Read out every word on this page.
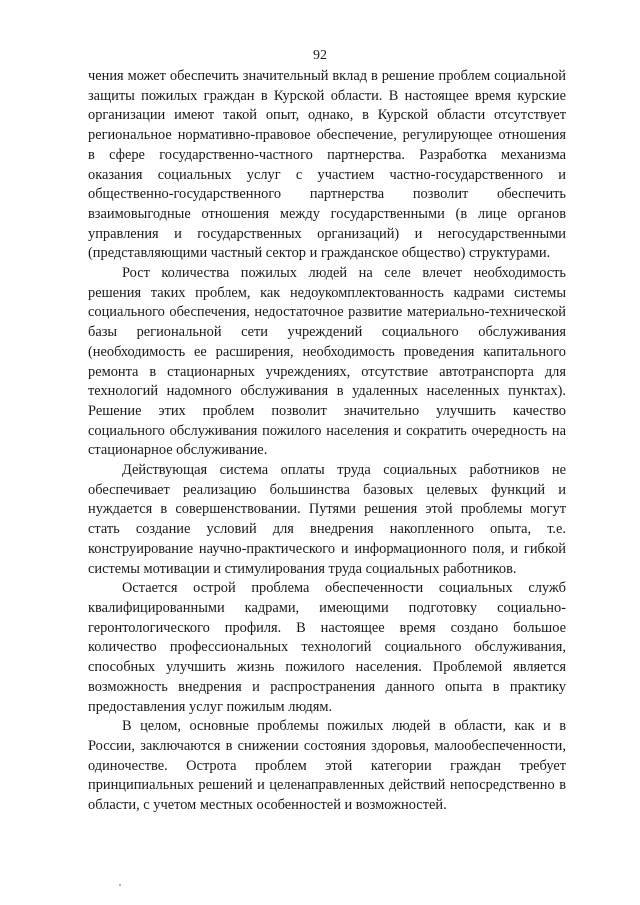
92

чения может обеспечить значительный вклад в решение проблем социальной защиты пожилых граждан в Курской области. В настоящее время курские организации имеют такой опыт, однако, в Курской области отсутствует региональное нормативно-правовое обеспечение, регулирующее отношения в сфере государственно-частного партнерства. Разработка механизма оказания социальных услуг с участием частно-государственного и общественно-государственного партнерства позволит обеспечить взаимовыгодные отношения между государственными (в лице органов управления и государственных организаций) и негосударственными (представляющими частный сектор и гражданское общество) структурами.

Рост количества пожилых людей на селе влечет необходимость решения таких проблем, как недоукомплектованность кадрами системы социального обеспечения, недостаточное развитие материально-технической базы региональной сети учреждений социального обслуживания (необходимость ее расширения, необходимость проведения капитального ремонта в стационарных учреждениях, отсутствие автотранспорта для технологий надомного обслуживания в удаленных населенных пунктах). Решение этих проблем позволит значительно улучшить качество социального обслуживания пожилого населения и сократить очередность на стационарное обслуживание.

Действующая система оплаты труда социальных работников не обеспечивает реализацию большинства базовых целевых функций и нуждается в совершенствовании. Путями решения этой проблемы могут стать создание условий для внедрения накопленного опыта, т.е. конструирование научно-практического и информационного поля, и гибкой системы мотивации и стимулирования труда социальных работников.

Остается острой проблема обеспеченности социальных служб квалифицированными кадрами, имеющими подготовку социально-геронтологического профиля. В настоящее время создано большое количество профессиональных технологий социального обслуживания, способных улучшить жизнь пожилого населения. Проблемой является возможность внедрения и распространения данного опыта в практику предоставления услуг пожилым людям.

В целом, основные проблемы пожилых людей в области, как и в России, заключаются в снижении состояния здоровья, малообеспеченности, одиночестве. Острота проблем этой категории граждан требует принципиальных решений и целенаправленных действий непосредственно в области, с учетом местных особенностей и возможностей.
